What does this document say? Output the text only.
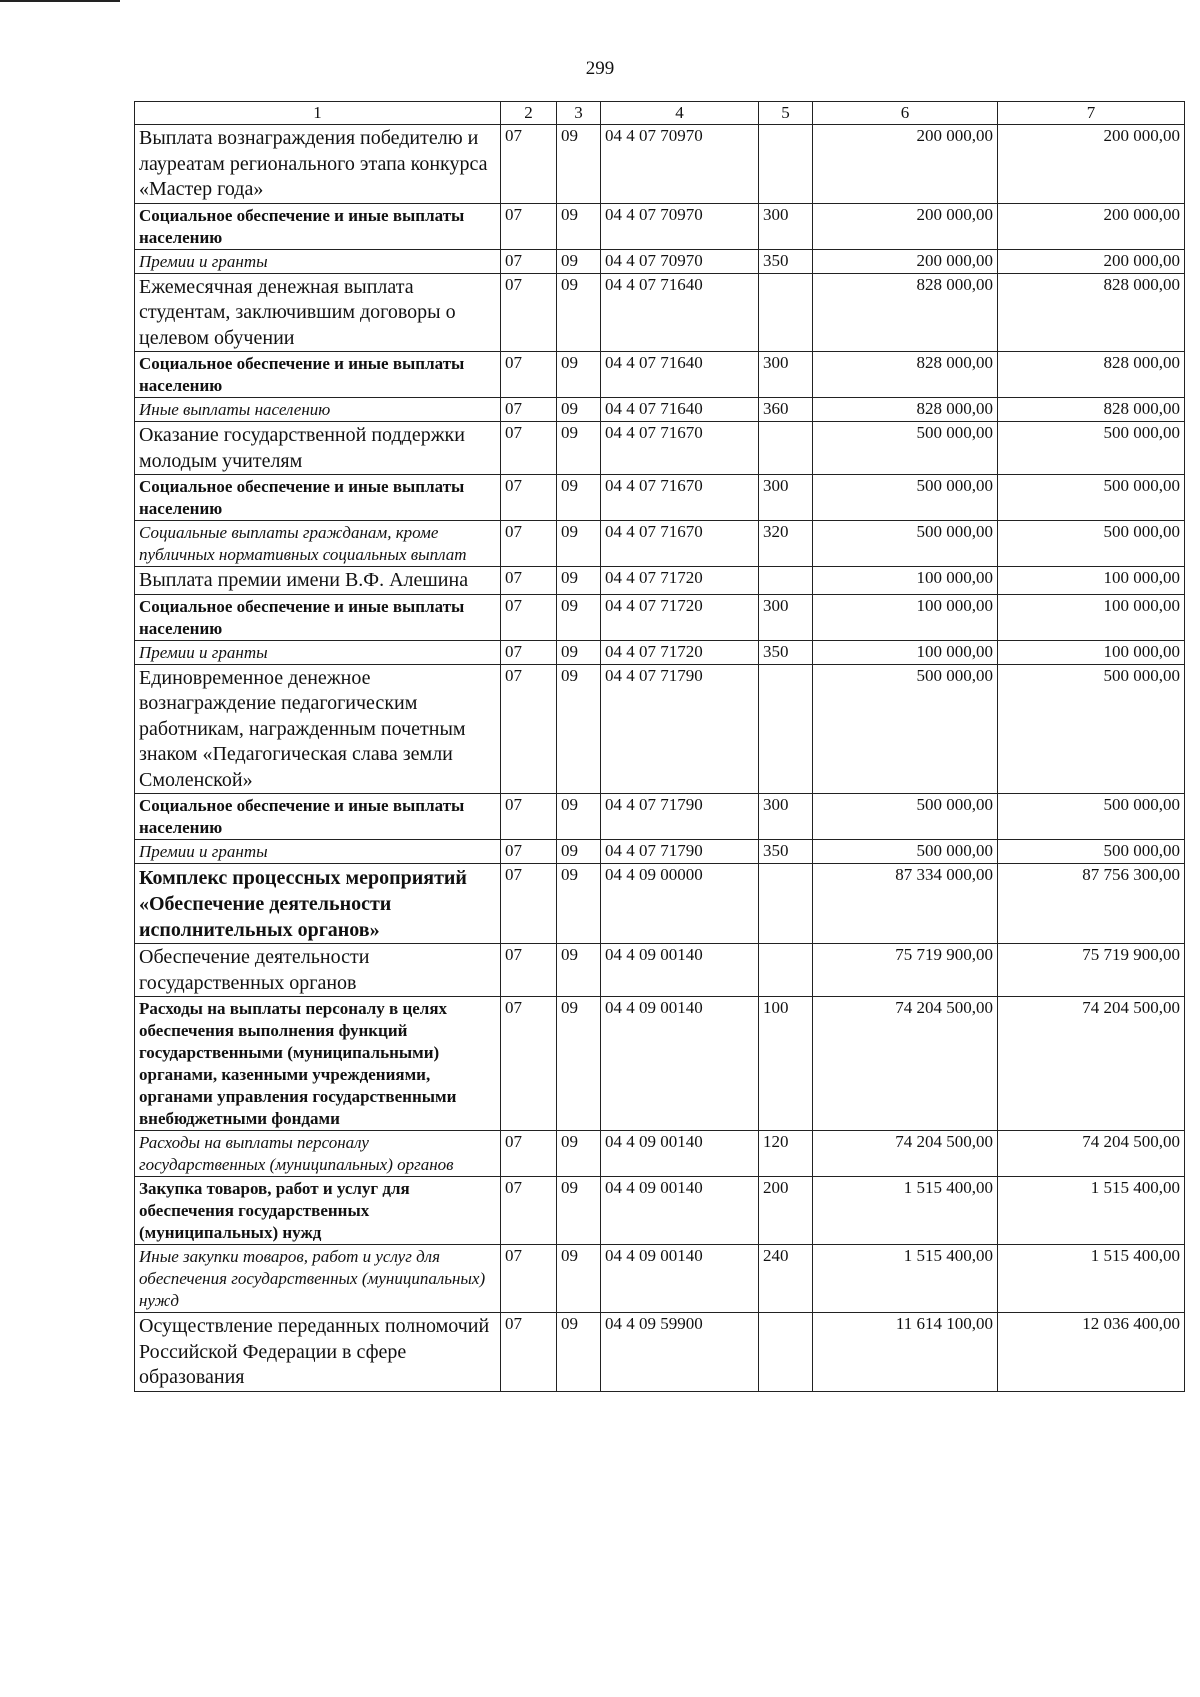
299
1	2	3	4	5	6	7
Выплата вознаграждения победителю и лауреатам регионального этапа конкурса «Мастер года»	07	09	04 4 07 70970		200 000,00	200 000,00
Социальное обеспечение и иные выплаты населению	07	09	04 4 07 70970	300	200 000,00	200 000,00
Премии и гранты	07	09	04 4 07 70970	350	200 000,00	200 000,00
Ежемесячная денежная выплата студентам, заключившим договоры о целевом обучении	07	09	04 4 07 71640		828 000,00	828 000,00
Социальное обеспечение и иные выплаты населению	07	09	04 4 07 71640	300	828 000,00	828 000,00
Иные выплаты населению	07	09	04 4 07 71640	360	828 000,00	828 000,00
Оказание государственной поддержки молодым учителям	07	09	04 4 07 71670		500 000,00	500 000,00
Социальное обеспечение и иные выплаты населению	07	09	04 4 07 71670	300	500 000,00	500 000,00
Социальные выплаты гражданам, кроме публичных нормативных социальных выплат	07	09	04 4 07 71670	320	500 000,00	500 000,00
Выплата премии имени В.Ф. Алешина	07	09	04 4 07 71720		100 000,00	100 000,00
Социальное обеспечение и иные выплаты населению	07	09	04 4 07 71720	300	100 000,00	100 000,00
Премии и гранты	07	09	04 4 07 71720	350	100 000,00	100 000,00
Единовременное денежное вознаграждение педагогическим работникам, награжденным почетным знаком «Педагогическая слава земли Смоленской»	07	09	04 4 07 71790		500 000,00	500 000,00
Социальное обеспечение и иные выплаты населению	07	09	04 4 07 71790	300	500 000,00	500 000,00
Премии и гранты	07	09	04 4 07 71790	350	500 000,00	500 000,00
Комплекс процессных мероприятий «Обеспечение деятельности исполнительных органов»	07	09	04 4 09 00000		87 334 000,00	87 756 300,00
Обеспечение деятельности государственных органов	07	09	04 4 09 00140		75 719 900,00	75 719 900,00
Расходы на выплаты персоналу в целях обеспечения выполнения функций государственными (муниципальными) органами, казенными учреждениями, органами управления государственными внебюджетными фондами	07	09	04 4 09 00140	100	74 204 500,00	74 204 500,00
Расходы на выплаты персоналу государственных (муниципальных) органов	07	09	04 4 09 00140	120	74 204 500,00	74 204 500,00
Закупка товаров, работ и услуг для обеспечения государственных (муниципальных) нужд	07	09	04 4 09 00140	200	1 515 400,00	1 515 400,00
Иные закупки товаров, работ и услуг для обеспечения государственных (муниципальных) нужд	07	09	04 4 09 00140	240	1 515 400,00	1 515 400,00
Осуществление переданных полномочий Российской Федерации в сфере образования	07	09	04 4 09 59900		11 614 100,00	12 036 400,00
